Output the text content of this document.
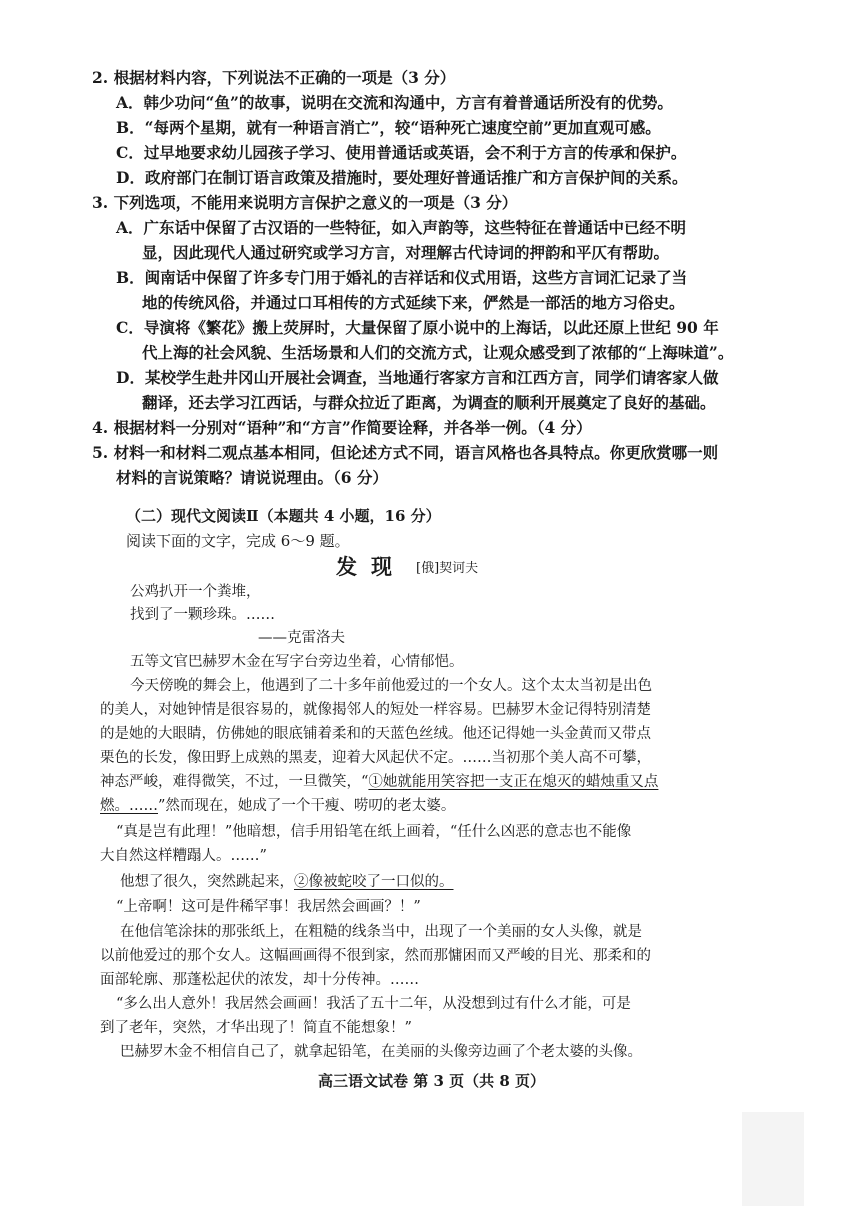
2. 根据材料内容，下列说法不正确的一项是（3 分）
A．韩少功问“鱼”的故事，说明在交流和沟通中，方言有着普通话所没有的优势。
B．“每两个星期，就有一种语言消亡”，较“语种死亡速度空前”更加直观可感。
C．过早地要求幼儿园孩子学习、使用普通话或英语，会不利于方言的传承和保护。
D．政府部门在制订语言政策及措施时，要处理好普通话推广和方言保护间的关系。
3. 下列选项，不能用来说明方言保护之意义的一项是（3 分）
A．广东话中保留了古汉语的一些特征，如入声韵等，这些特征在普通话中已经不明
显，因此现代人通过研究或学习方言，对理解古代诗词的押韵和平仄有帮助。
B．闽南话中保留了许多专门用于婚礼的吉祥话和仪式用语，这些方言词汇记录了当
地的传统风俗，并通过口耳相传的方式延续下来，俨然是一部活的地方习俗史。
C．导演将《繁花》搬上荧屏时，大量保留了原小说中的上海话，以此还原上世纪 90 年
代上海的社会风貌、生活场景和人们的交流方式，让观众感受到了浓郁的“上海味道”。
D．某校学生赴井冈山开展社会调查，当地通行客家方言和江西方言，同学们请客家人做
翻译，还去学习江西话，与群众拉近了距离，为调查的顺利开展奠定了良好的基础。
4. 根据材料一分别对“语种”和“方言”作简要诠释，并各举一例。（4 分）
5. 材料一和材料二观点基本相同，但论述方式不同，语言风格也各具特点。你更欣赏哪一则
材料的言说策略？请说说理由。（6 分）
（二）现代文阅读Ⅱ（本题共 4 小题，16 分）
阅读下面的文字，完成 6～9 题。
发现 [俄]契诃夫
公鸡扒开一个粪堆，
找到了一颗珍珠。……
——克雷洛夫
五等文官巴赫罗木金在写字台旁边坐着，心情郁悒。
今天傍晚的舞会上，他遇到了二十多年前他爱过的一个女人。这个太太当初是出色
的美人，对她钟情是很容易的，就像揭邻人的短处一样容易。巴赫罗木金记得特别清楚
的是她的大眼睛，仿佛她的眼底铺着柔和的天蓝色丝绒。他还记得她一头金黄而又带点
栗色的长发，像田野上成熟的黑麦，迎着大风起伏不定。……当初那个美人高不可攀，
神态严峻，难得微笑，不过，一旦微笑，“①她就能用笑容把一支正在熄灭的蜡烛重又点
燃。……”然而现在，她成了一个干瘦、唠叨的老太婆。
“真是岂有此理！”他暗想，信手用铅笔在纸上画着，“任什么凶恶的意志也不能像
大自然这样糟蹋人。……”
他想了很久，突然跳起来，②像被蛇咬了一口似的。
“上帝啊！这可是件稀罕事！我居然会画画？！”
在他信笔涂抹的那张纸上，在粗糙的线条当中，出现了一个美丽的女人头像，就是
以前他爱过的那个女人。这幅画画得不很到家，然而那慵困而又严峻的目光、那柔和的
面部轮廓、那蓬松起伏的浓发，却十分传神。……
“多么出人意外！我居然会画画！我活了五十二年，从没想到过有什么才能，可是
到了老年，突然，才华出现了！简直不能想象！”
巴赫罗木金不相信自己了，就拿起铅笔，在美丽的头像旁边画了个老太婆的头像。
高三语文试卷 第 3 页（共 8 页）
